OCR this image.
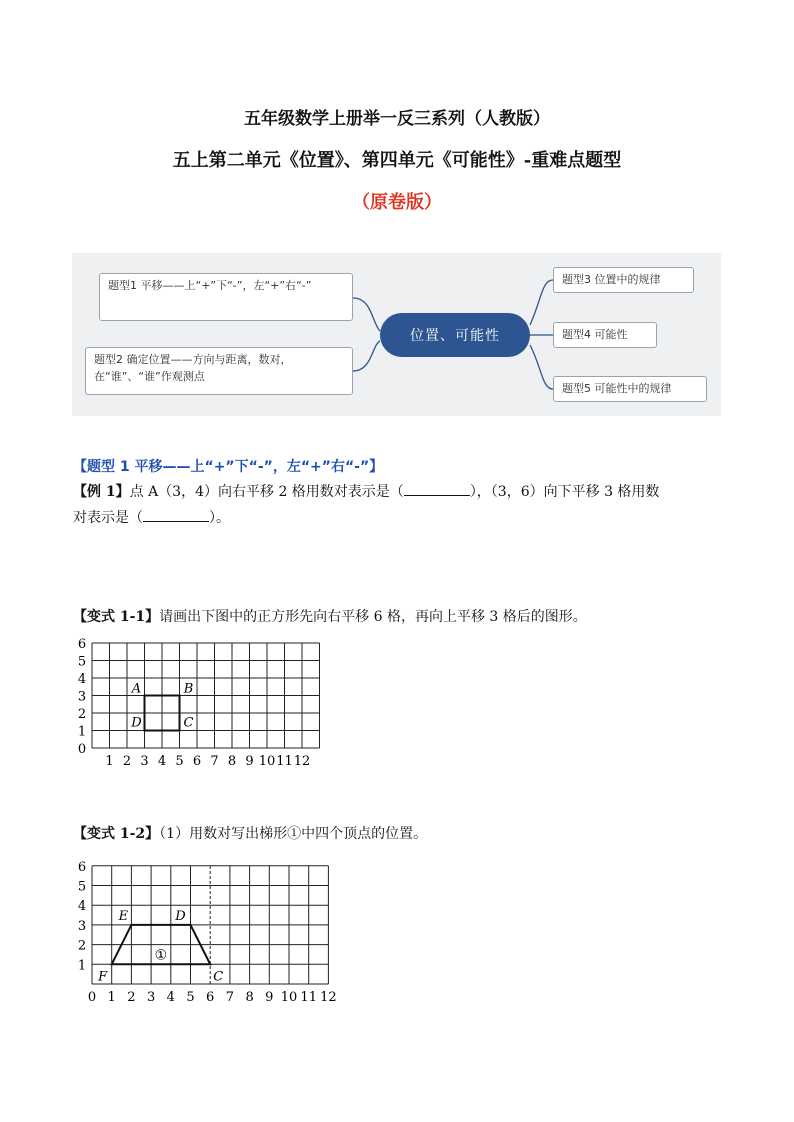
五年级数学上册举一反三系列（人教版）
五上第二单元《位置》、第四单元《可能性》-重难点题型
（原卷版）
题型1 平移——上“+”下“-”，左“+”右“-”
题型2 确定位置——方向与距离，数对，在“谁”、“谁”作观测点
位置、可能性
题型3 位置中的规律
题型4 可能性
题型5 可能性中的规律
【题型 1 平移——上“+”下“-”，左“+”右“-”】
【例 1】点 A（3，4）向右平移 2 格用数对表示是（	），（3，6）向下平移 3 格用数
对表示是（	）。
【变式 1-1】请画出下图中的正方形先向右平移 6 格，再向上平移 3 格后的图形。
0
1
2
3
4
5
6
1 2 3 4 5 6 7 8 9 10 11 12
A	B
C
D
【变式 1-2】（1）用数对写出梯形①中四个顶点的位置。
1
2
3
4
5
6
0 1 2 3 4 5 6 7 8 9 10 11 12
E	D
C
F
①
